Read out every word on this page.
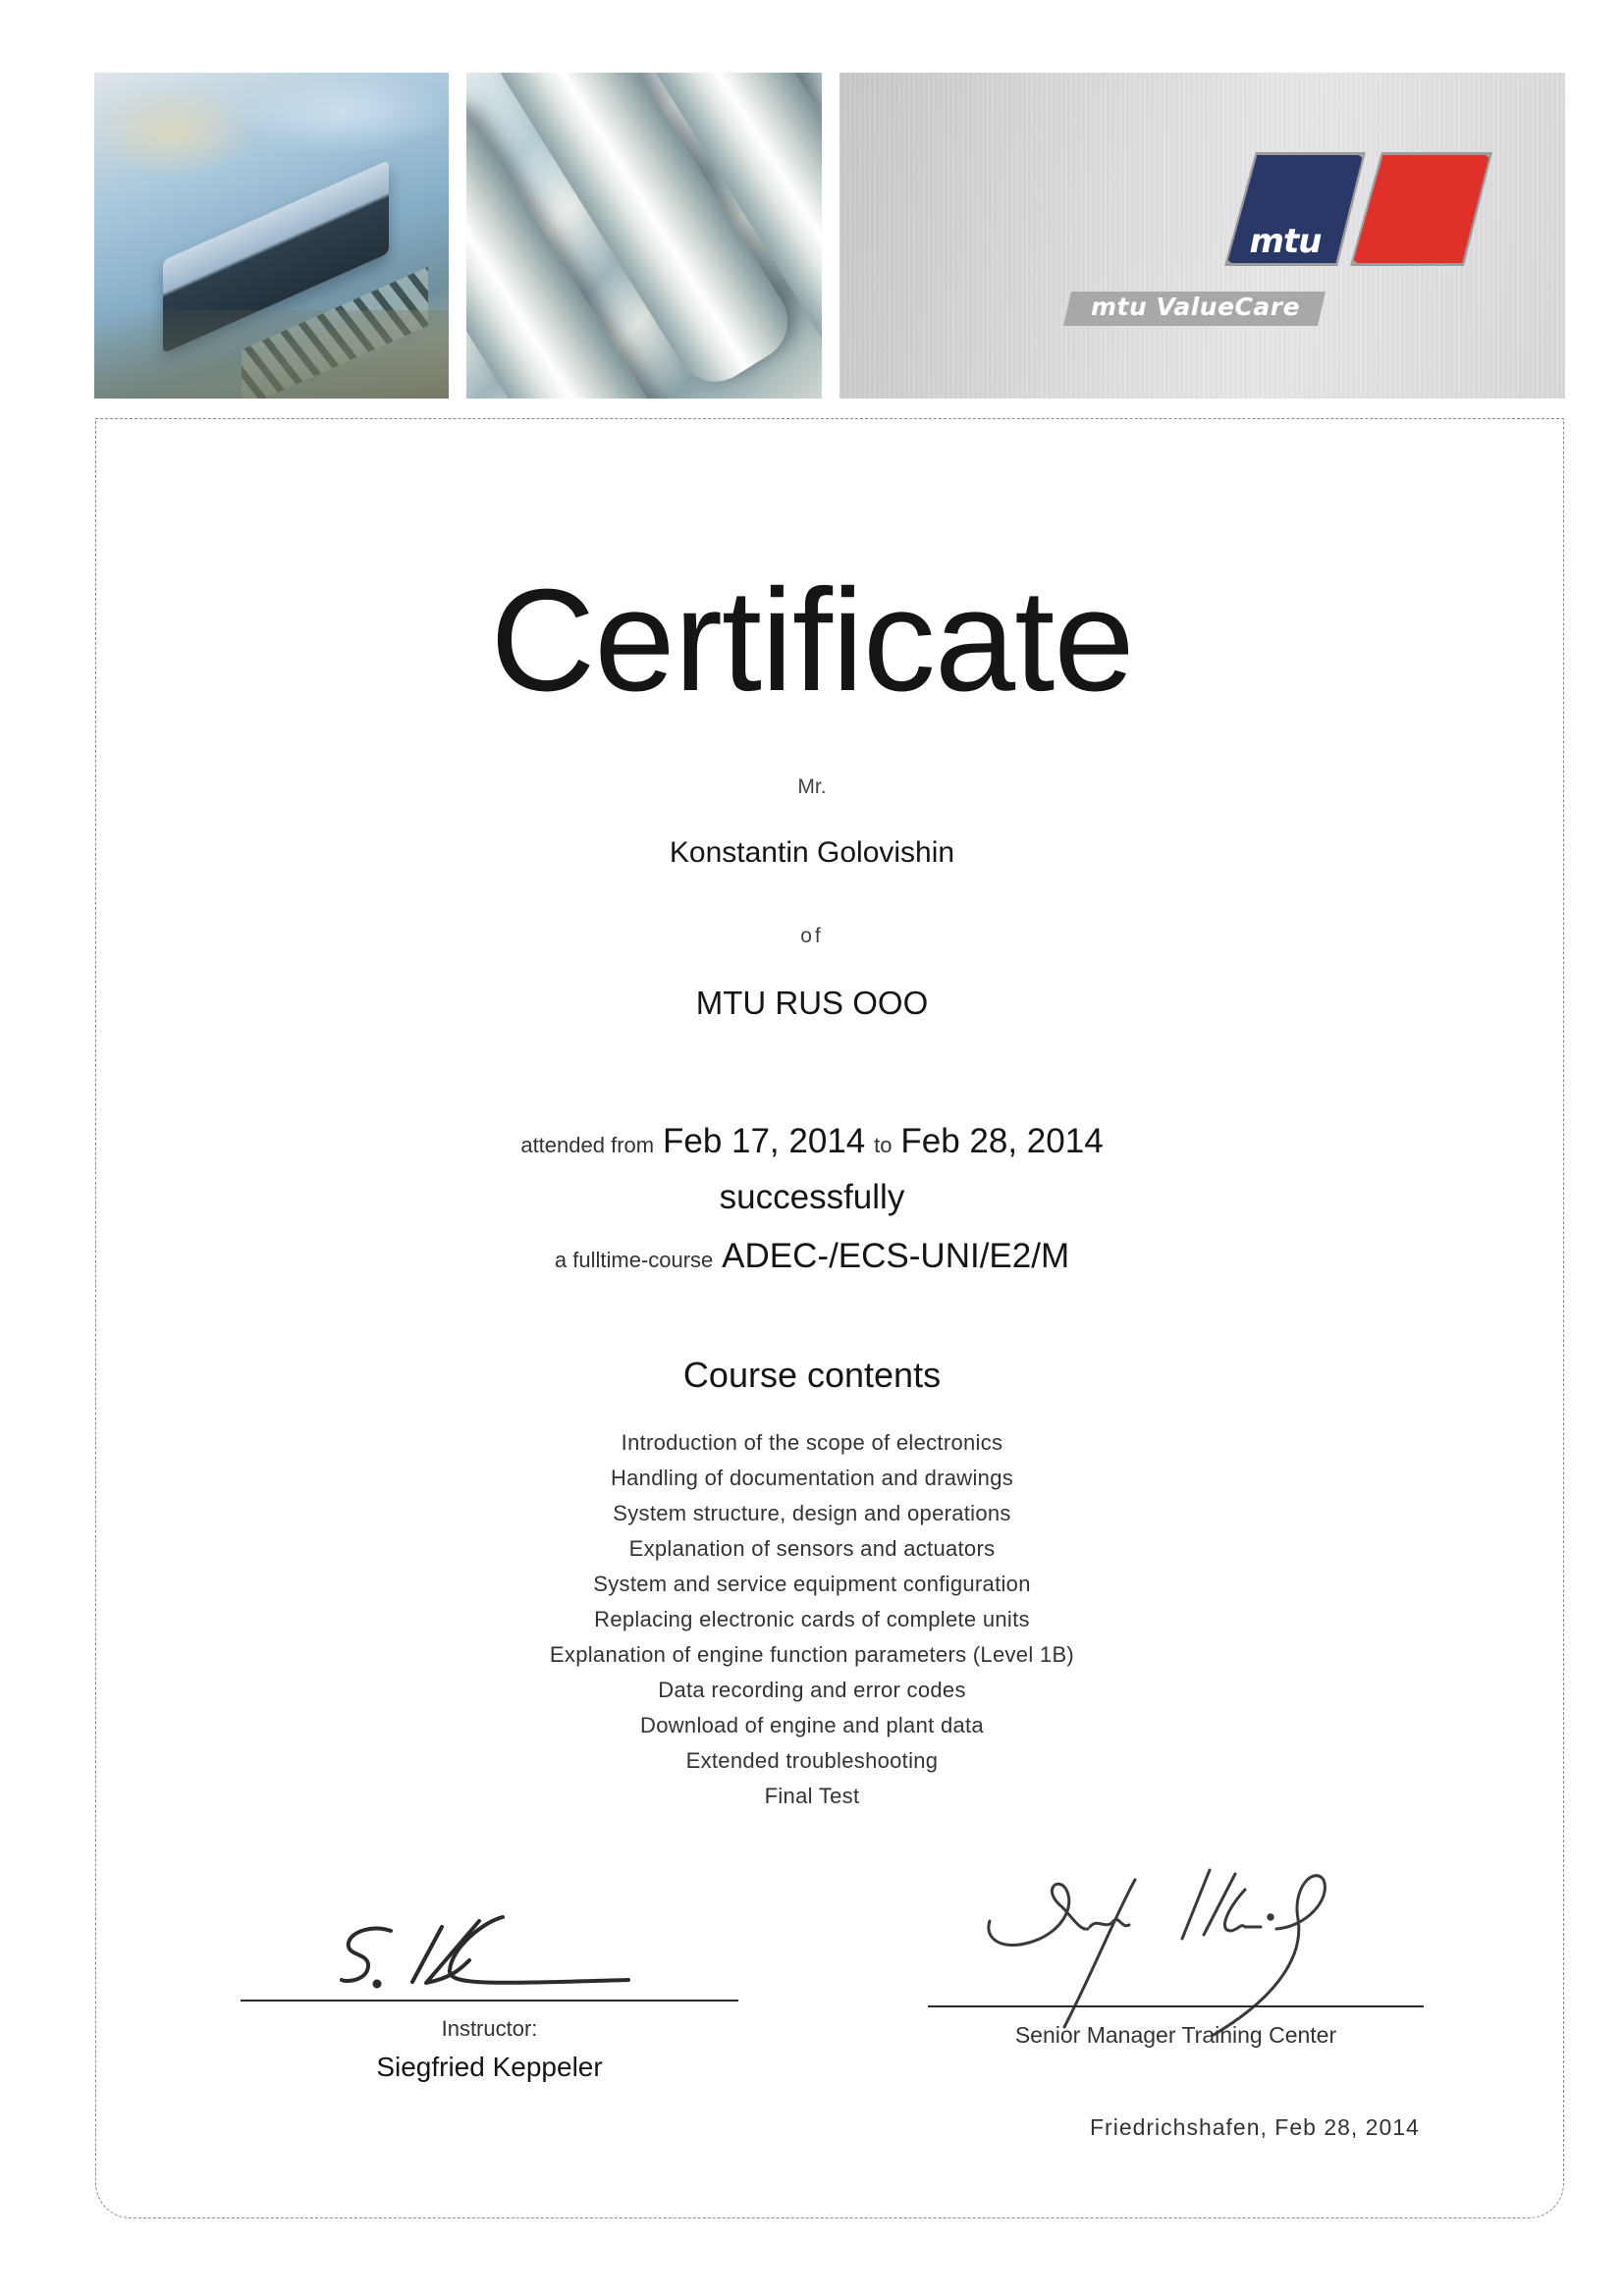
mtu
mtu ValueCare
Certificate
Mr.
Konstantin Golovishin
of
MTU RUS OOO
attended from Feb 17, 2014 to Feb 28, 2014
successfully
a fulltime-course ADEC-/ECS-UNI/E2/M
Course contents
Introduction of the scope of electronics
Handling of documentation and drawings
System structure, design and operations
Explanation of sensors and actuators
System and service equipment configuration
Replacing electronic cards of complete units
Explanation of engine function parameters (Level 1B)
Data recording and error codes
Download of engine and plant data
Extended troubleshooting
Final Test
Instructor:
Siegfried Keppeler
Senior Manager Training Center
Friedrichshafen, Feb 28, 2014
